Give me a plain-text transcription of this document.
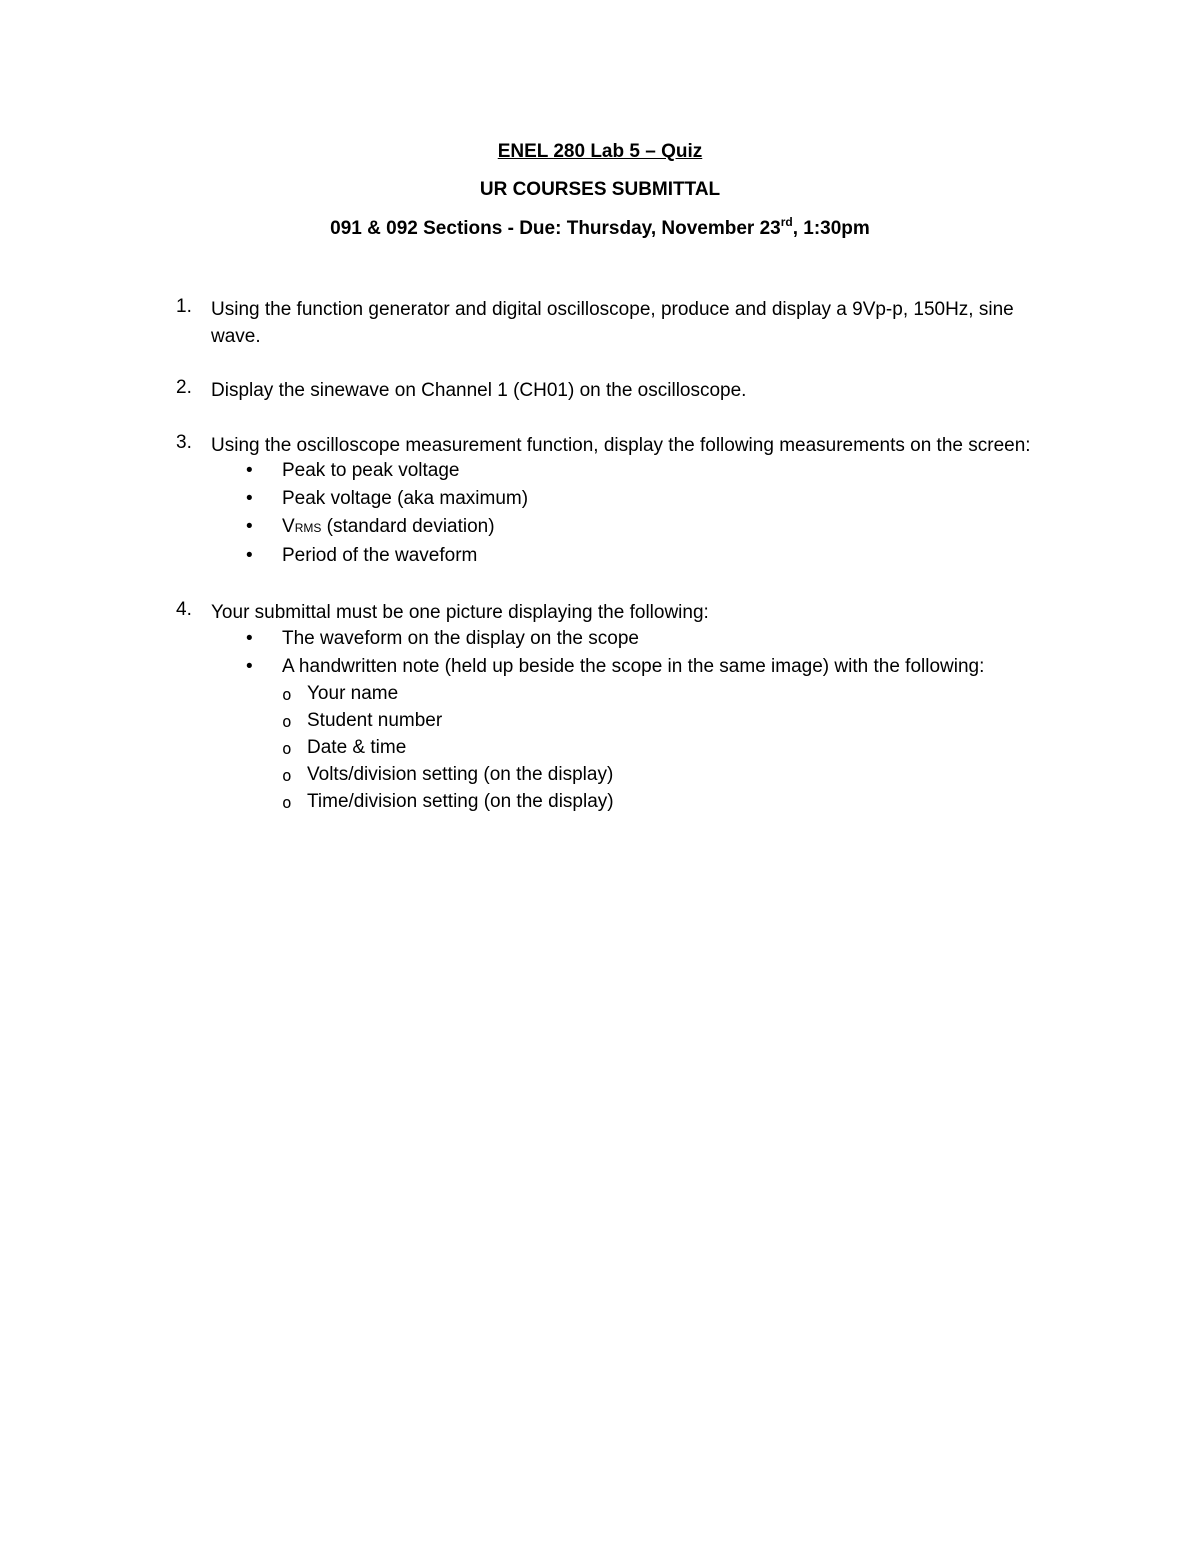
ENEL 280 Lab 5 – Quiz
UR COURSES SUBMITTAL
091 & 092 Sections - Due: Thursday, November 23rd, 1:30pm
1. Using the function generator and digital oscilloscope, produce and display a 9Vp-p, 150Hz, sine
wave.
2. Display the sinewave on Channel 1 (CH01) on the oscilloscope.
3. Using the oscilloscope measurement function, display the following measurements on the screen:
• Peak to peak voltage
• Peak voltage (aka maximum)
• VRMS (standard deviation)
• Period of the waveform
4. Your submittal must be one picture displaying the following:
• The waveform on the display on the scope
• A handwritten note (held up beside the scope in the same image) with the following:
o Your name
o Student number
o Date & time
o Volts/division setting (on the display)
o Time/division setting (on the display)
